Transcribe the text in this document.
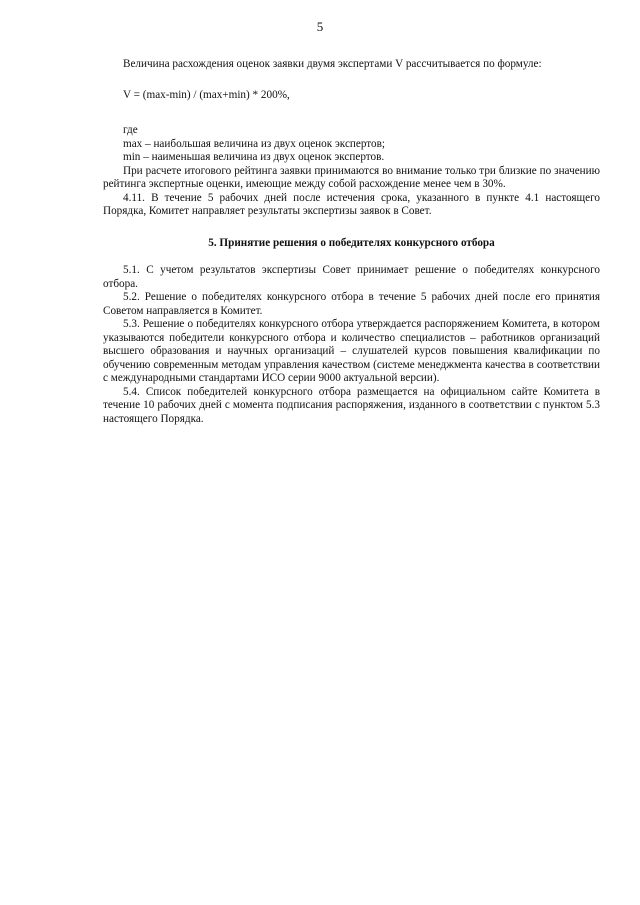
5

Величина расхождения оценок заявки двумя экспертами V рассчитывается по формуле:

V = (max-min) / (max+min) * 200%,

где

max – наибольшая величина из двух оценок экспертов;

min – наименьшая величина из двух оценок экспертов.

При расчете итогового рейтинга заявки принимаются во внимание только три близкие по значению рейтинга экспертные оценки, имеющие между собой расхождение менее чем в 30%.

4.11. В течение 5 рабочих дней после истечения срока, указанного в пункте 4.1 настоящего Порядка, Комитет направляет результаты экспертизы заявок в Совет.

5. Принятие решения о победителях конкурсного отбора

5.1. С учетом результатов экспертизы Совет принимает решение о победителях конкурсного отбора.

5.2. Решение о победителях конкурсного отбора в течение 5 рабочих дней после его принятия Советом направляется в Комитет.

5.3. Решение о победителях конкурсного отбора утверждается распоряжением Комитета, в котором указываются победители конкурсного отбора и количество специалистов – работников организаций высшего образования и научных организаций – слушателей курсов повышения квалификации по обучению современным методам управления качеством (системе менеджмента качества в соответствии с международными стандартами ИСО серии 9000 актуальной версии).

5.4. Список победителей конкурсного отбора размещается на официальном сайте Комитета в течение 10 рабочих дней с момента подписания распоряжения, изданного в соответствии с пунктом 5.3 настоящего Порядка.
